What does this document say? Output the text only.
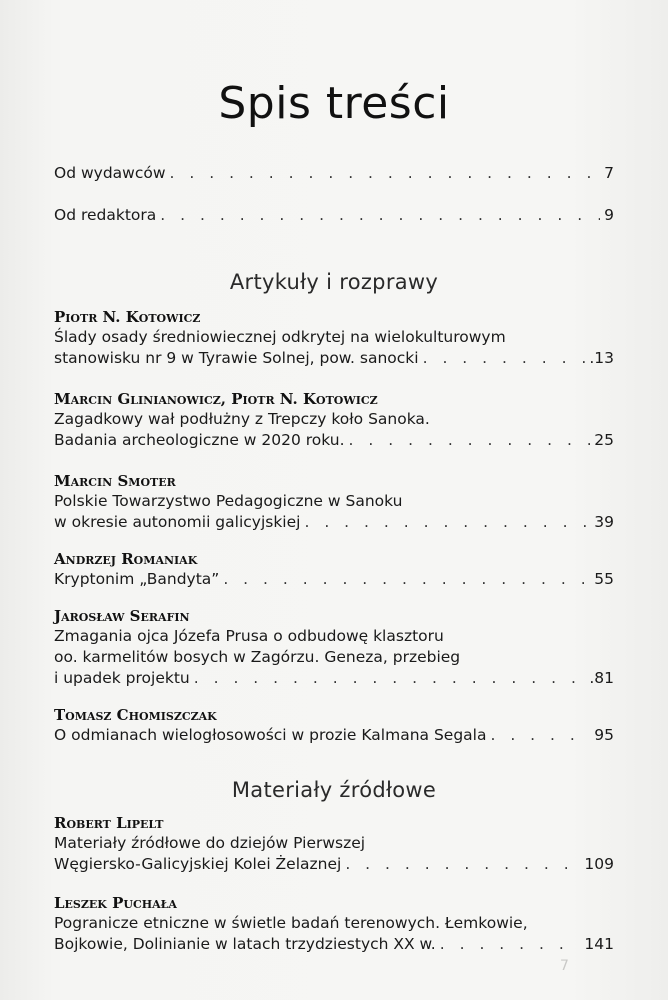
Spis treści
Od wydawców . . .	7
Od redaktora . . .	9
Artykuły i rozprawy
Piotr N. Kotowicz
Ślady osady średniowiecznej odkrytej na wielokulturowym
stanowisku nr 9 w Tyrawie Solnej, pow. sanocki . . .	.13
Marcin Glinianowicz, Piotr N. Kotowicz
Zagadkowy wał podłużny z Trepczy koło Sanoka.
Badania archeologiczne w 2020 roku. . . .	25
Marcin Smoter
Polskie Towarzystwo Pedagogiczne w Sanoku
w okresie autonomii galicyjskiej . . .	39
Andrzej Romaniak
Kryptonim „Bandyta” . . .	55
Jarosław Serafin
Zmagania ojca Józefa Prusa o odbudowę klasztoru
oo. karmelitów bosych w Zagórzu. Geneza, przebieg
i upadek projektu . . .	.81
Tomasz Chomiszczak
O odmianach wielogłosowości w prozie Kalmana Segala . . .	95
Materiały źródłowe
Robert Lipelt
Materiały źródłowe do dziejów Pierwszej
Węgiersko-Galicyjskiej Kolei Żelaznej . . .	109
Leszek Puchała
Pogranicze etniczne w świetle badań terenowych. Łemkowie,
Bojkowie, Dolinianie w latach trzydziestych XX w. . . .	141
7
